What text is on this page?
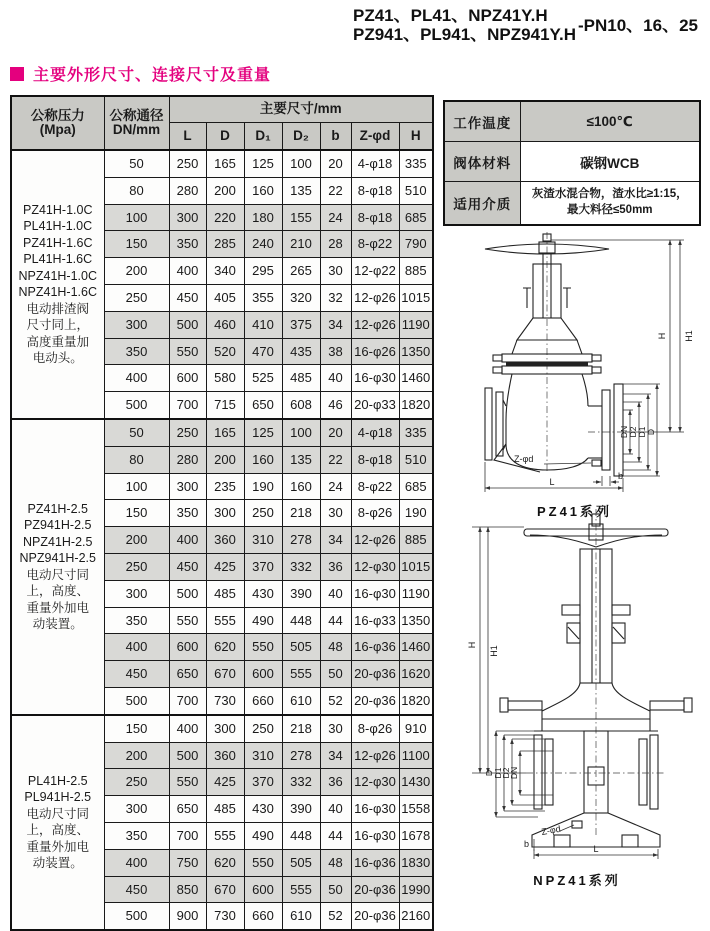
PZ41、PL41、NPZ41Y.H
PZ941、PL941、NPZ941Y.H -PN10、16、25
主要外形尺寸、连接尺寸及重量
公称压力
(Mpa)

公称通径
DN/mm
	主要尺寸/mm
		L	D	D₁	D₂	b	Z-φd	H

PZ41H-1.0C
PL41H-1.0C
PZ41H-1.6C
PL41H-1.6C
NPZ41H-1.0C
NPZ41H-1.6C
电动排渣阀
尺寸同上，
高度重量加
电动头。
	50	250	165	125	100	20	4-φ18	335
	80	280	200	160	135	22	8-φ18	510
	100	300	220	180	155	24	8-φ18	685
	150	350	285	240	210	28	8-φ22	790
	200	400	340	295	265	30	12-φ22	885
	250	450	405	355	320	32	12-φ26	1015
	300	500	460	410	375	34	12-φ26	1190
	350	550	520	470	435	38	16-φ26	1350
	400	600	580	525	485	40	16-φ30	1460
	500	700	715	650	608	46	20-φ33	1820

PZ41H-2.5
PZ941H-2.5
NPZ41H-2.5
NPZ941H-2.5
电动尺寸同
上，高度、
重量外加电
动装置。
	50	250	165	125	100	20	4-φ18	335
	80	280	200	160	135	22	8-φ18	510
	100	300	235	190	160	24	8-φ22	685
	150	350	300	250	218	30	8-φ26	190
	200	400	360	310	278	34	12-φ26	885
	250	450	425	370	332	36	12-φ30	1015
	300	500	485	430	390	40	16-φ30	1190
	350	550	555	490	448	44	16-φ33	1350
	400	600	620	550	505	48	16-φ36	1460
	450	650	670	600	555	50	20-φ36	1620
	500	700	730	660	610	52	20-φ36	1820

PL41H-2.5
PL941H-2.5
电动尺寸同
上，高度、
重量外加电
动装置。
	150	400	300	250	218	30	8-φ26	910
	200	500	360	310	278	34	12-φ26	1100
	250	550	425	370	332	36	12-φ30	1430
	300	650	485	430	390	40	16-φ30	1558
	350	700	555	490	448	44	16-φ30	1678
	400	750	620	550	505	48	16-φ36	1830
	450	850	670	600	555	50	20-φ36	1990
	500	900	730	660	610	52	20-φ36	2160
工作温度	≤100℃
阀体材料	碳钢WCB
适用介质	灰渣水混合物，渣水比≥1:15，
最大料径≤50mm
H H1
DN D2 D1 D
Z-φd
b
L
PZ41系列
H
H1
D D1
D2
DN
Z-φd
b	L
NPZ41系列
